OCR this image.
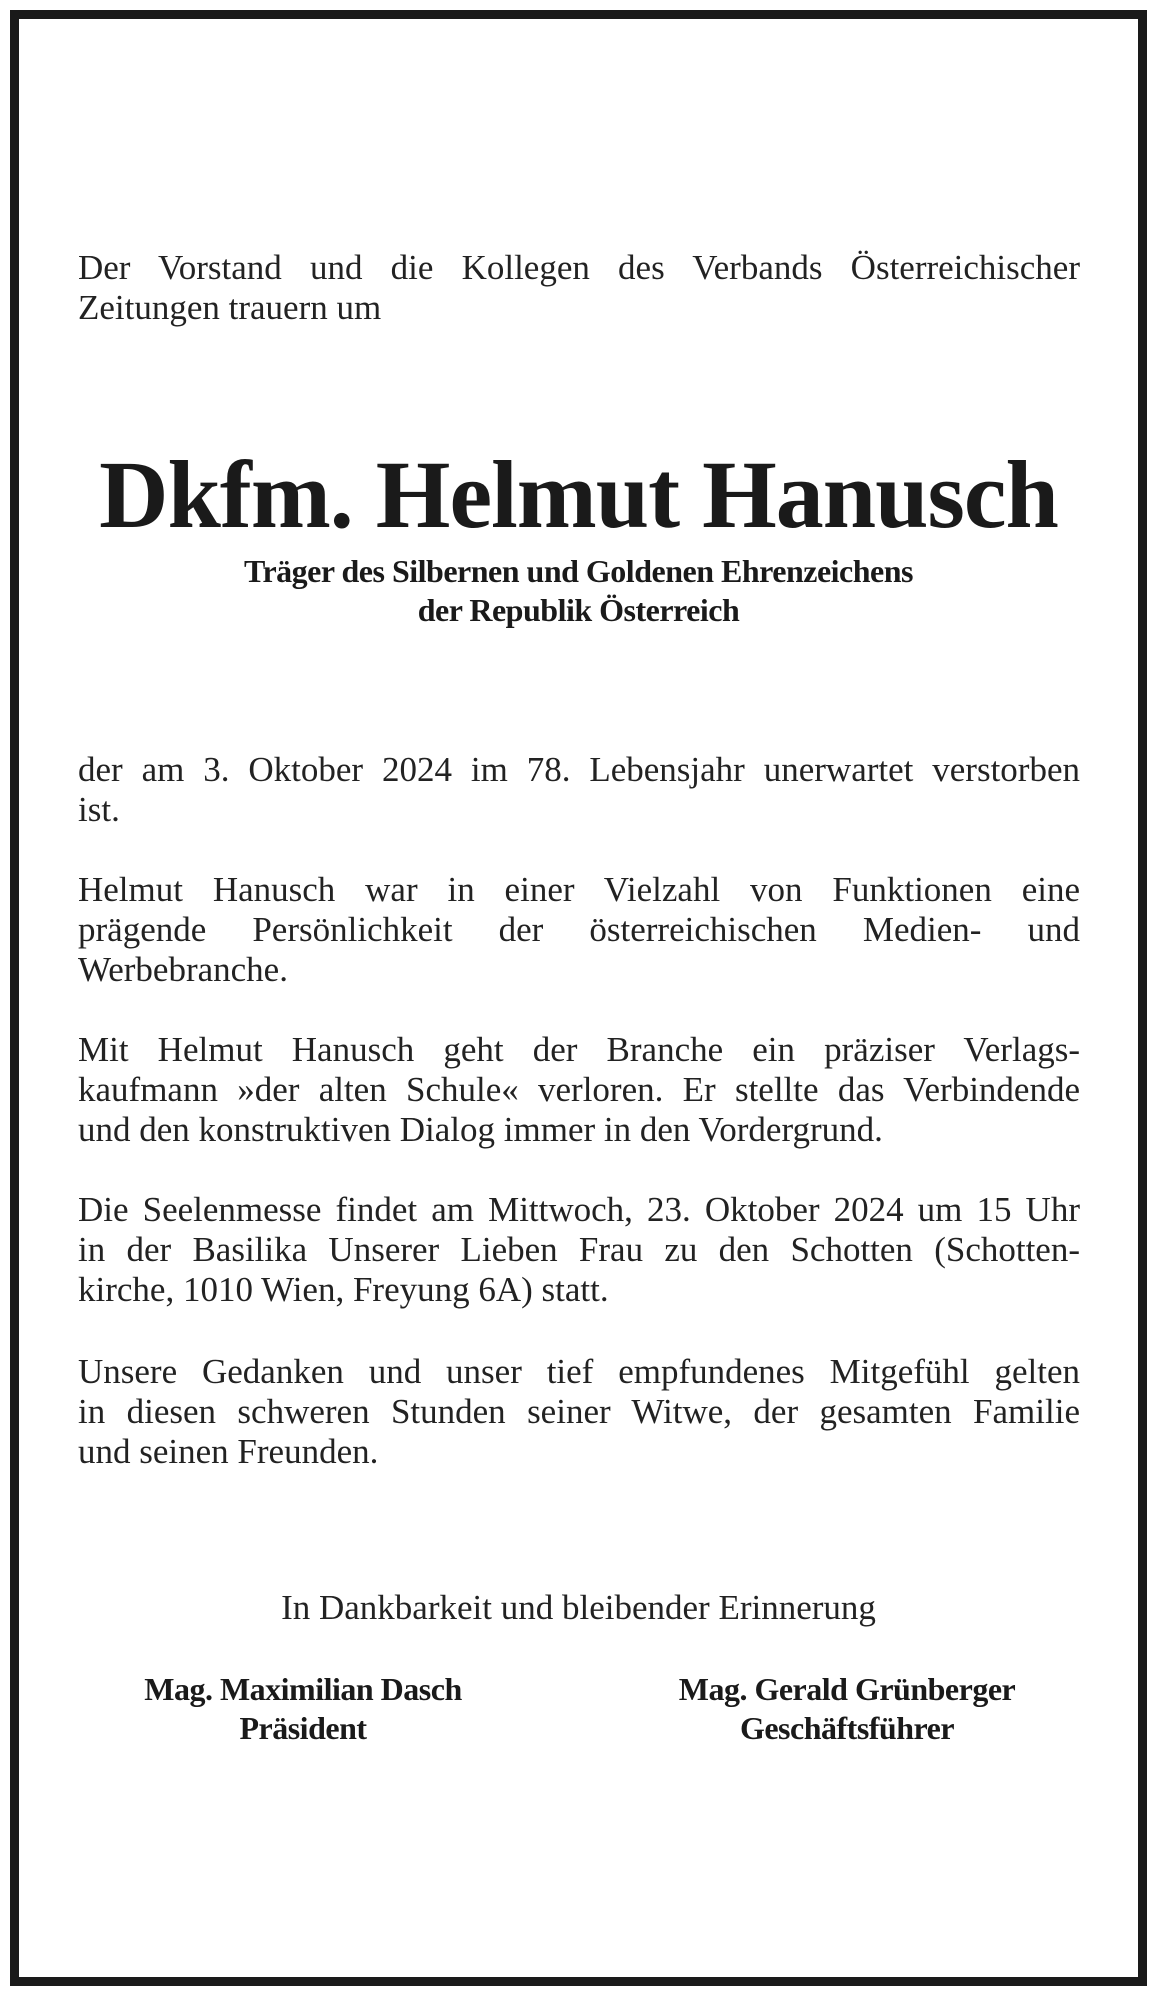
Der Vorstand und die Kollegen des Verbands Österreichischer
Zeitungen trauern um
Dkfm. Helmut Hanusch
Träger des Silbernen und Goldenen Ehrenzeichens
der Republik Österreich
der am 3. Oktober 2024 im 78. Lebensjahr unerwartet verstorben
ist.
Helmut Hanusch war in einer Vielzahl von Funktionen eine
prägende Persönlichkeit der österreichischen Medien- und
Werbebranche.
Mit Helmut Hanusch geht der Branche ein präziser Verlags-
kaufmann »der alten Schule« verloren. Er stellte das Verbindende
und den konstruktiven Dialog immer in den Vordergrund.
Die Seelenmesse findet am Mittwoch, 23. Oktober 2024 um 15 Uhr
in der Basilika Unserer Lieben Frau zu den Schotten (Schotten-
kirche, 1010 Wien, Freyung 6A) statt.
Unsere Gedanken und unser tief empfundenes Mitgefühl gelten
in diesen schweren Stunden seiner Witwe, der gesamten Familie
und seinen Freunden.
In Dankbarkeit und bleibender Erinnerung
Mag. Maximilian Dasch
Präsident
Mag. Gerald Grünberger
Geschäftsführer
